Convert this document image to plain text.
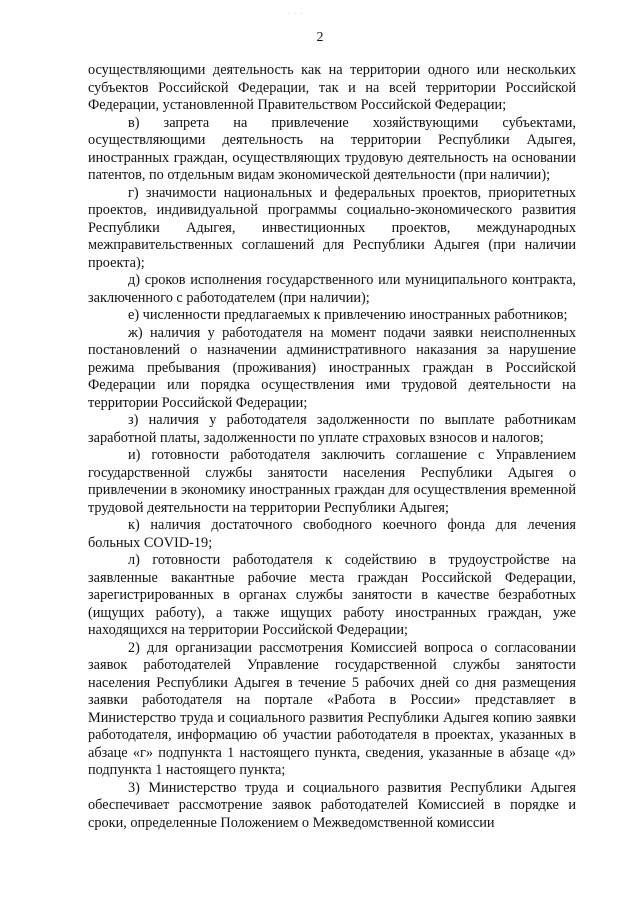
· · ·
2

осуществляющими деятельность как на территории одного или нескольких субъектов Российской Федерации, так и на всей территории Российской Федерации, установленной Правительством Российской Федерации;

в) запрета на привлечение хозяйствующими субъектами, осуществляющими деятельность на территории Республики Адыгея, иностранных граждан, осуществляющих трудовую деятельность на основании патентов, по отдельным видам экономической деятельности (при наличии);

г) значимости национальных и федеральных проектов, приоритетных проектов, индивидуальной программы социально-экономического развития Республики Адыгея, инвестиционных проектов, международных межправительственных соглашений для Республики Адыгея (при наличии проекта);

д) сроков исполнения государственного или муниципального контракта, заключенного с работодателем (при наличии);

е) численности предлагаемых к привлечению иностранных работников;

ж) наличия у работодателя на момент подачи заявки неисполненных постановлений о назначении административного наказания за нарушение режима пребывания (проживания) иностранных граждан в Российской Федерации или порядка осуществления ими трудовой деятельности на территории Российской Федерации;

з) наличия у работодателя задолженности по выплате работникам заработной платы, задолженности по уплате страховых взносов и налогов;

и) готовности работодателя заключить соглашение с Управлением государственной службы занятости населения Республики Адыгея о привлечении в экономику иностранных граждан для осуществления временной трудовой деятельности на территории Республики Адыгея;

к) наличия достаточного свободного коечного фонда для лечения больных COVID-19;

л) готовности работодателя к содействию в трудоустройстве на заявленные вакантные рабочие места граждан Российской Федерации, зарегистрированных в органах службы занятости в качестве безработных (ищущих работу), а также ищущих работу иностранных граждан, уже находящихся на территории Российской Федерации;

2) для организации рассмотрения Комиссией вопроса о согласовании заявок работодателей Управление государственной службы занятости населения Республики Адыгея в течение 5 рабочих дней со дня размещения заявки работодателя на портале «Работа в России» представляет в Министерство труда и социального развития Республики Адыгея копию заявки работодателя, информацию об участии работодателя в проектах, указанных в абзаце «г» подпункта 1 настоящего пункта, сведения, указанные в абзаце «д» подпункта 1 настоящего пункта;

3) Министерство труда и социального развития Республики Адыгея обеспечивает рассмотрение заявок работодателей Комиссией в порядке и сроки, определенные Положением о Межведомственной комиссии
